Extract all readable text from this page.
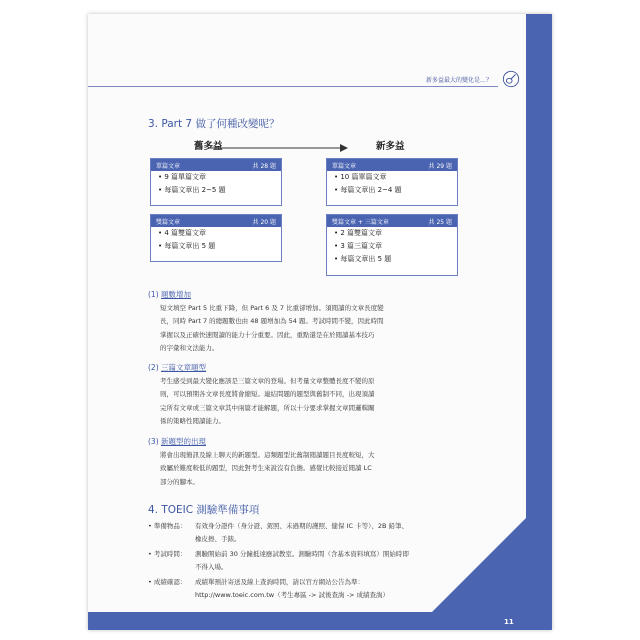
新多益最大的變化是…？
3. Part 7 做了何種改變呢？
舊多益	新多益
單篇文章	共 28 題
• 9 篇單篇文章
• 每篇文章出 2~5 題
單篇文章	共 29 題
• 10 篇單篇文章
• 每篇文章出 2~4 題
雙篇文章	共 20 題
• 4 篇雙篇文章
• 每篇文章出 5 題
雙篇文章 + 三篇文章	共 25 題
• 2 篇雙篇文章
• 3 篇三篇文章
• 每篇文章出 5 題
(1) 題數增加
短文填空 Part 5 比重下降，但 Part 6 及 7 比重卻增加。須閱讀的文章長度變
長，同時 Part 7 的總題數也由 48 題增加為 54 題。考試時間不變，因此時間
掌握以及正確快速閱讀的能力十分重要。因此，重點還是在於閱讀基本技巧
的字彙和文法能力。
(2) 三篇文章題型
考生感受到最大變化應該是三篇文章的登場。但考量文章整體長度不變的原
則，可以預期各文章長度將會縮短。連結問題的題型與舊制不同，出現須讀
完所有文章或三篇文章其中兩篇才能解題，所以十分要求掌握文章間邏輯關
係的策略性閱讀能力。
(3) 新題型的出現
將會出現簡訊及線上聊天的新題型。這類題型比舊制閱讀題目長度較短，大
致屬於難度較低的題型，因此對考生來說沒有負擔。感覺比較接近閱讀 LC
部分的腳本。
4. TOEIC 測驗準備事項
• 準備物品： 有效身分證件（身分證、駕照、未過期的護照、健保 IC 卡等）、2B 鉛筆、
橡皮擦、手錶。
• 考試時間： 測驗開始前 30 分鐘抵達應試教室。測驗時間（含基本資料填寫）開始時即
不得入場。
• 成績確認： 成績單預計寄送及線上查詢時間，請以官方網站公告為準：
http://www.toeic.com.tw（考生專區 -> 試後查詢 -> 成績查詢）
11
